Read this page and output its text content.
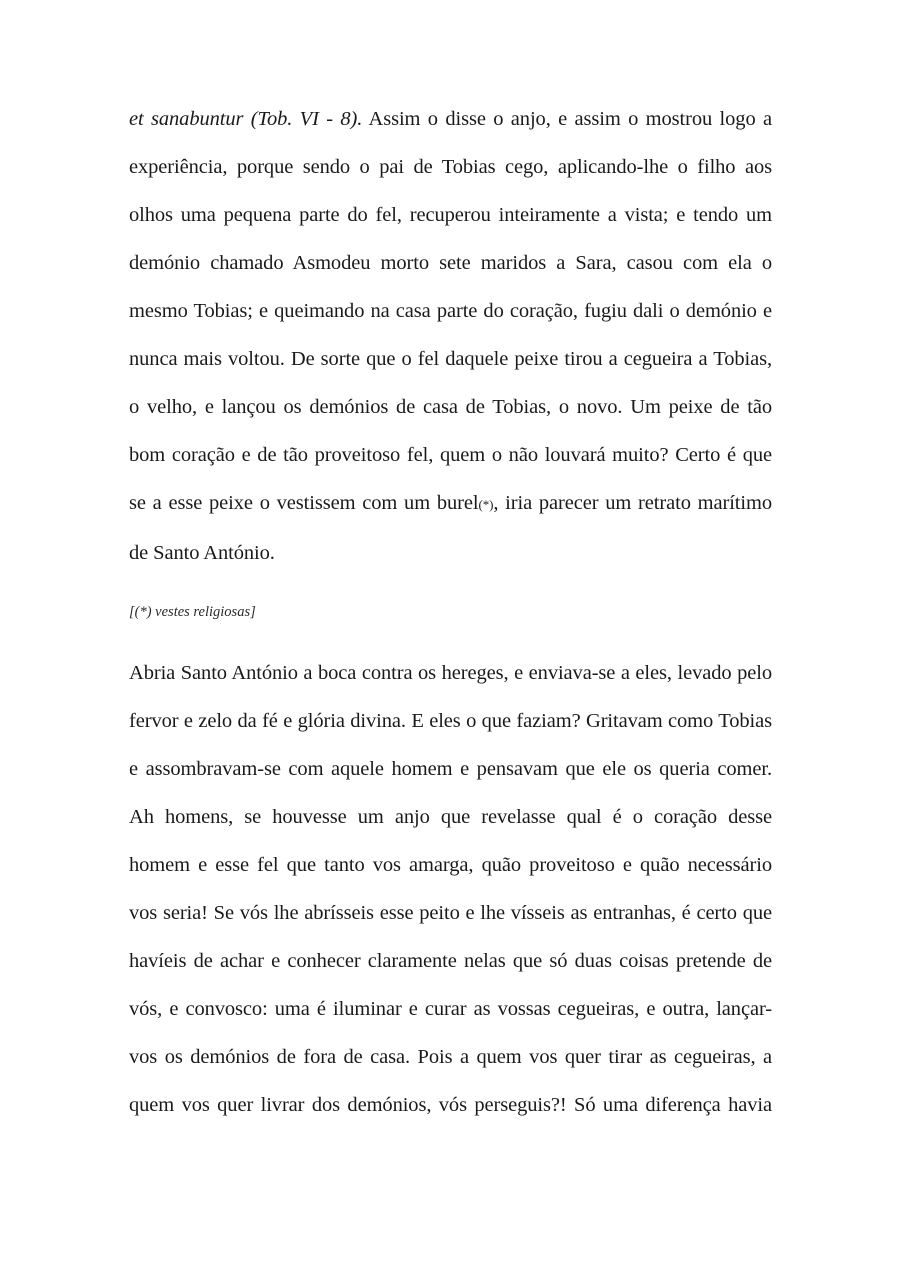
et sanabuntur (Tob. VI - 8). Assim o disse o anjo, e assim o mostrou logo a

experiência, porque sendo o pai de Tobias cego, aplicando-lhe o filho aos

olhos uma pequena parte do fel, recuperou inteiramente a vista; e tendo um

demónio chamado Asmodeu morto sete maridos a Sara, casou com ela o

mesmo Tobias; e queimando na casa parte do coração, fugiu dali o demónio e

nunca mais voltou. De sorte que o fel daquele peixe tirou a cegueira a Tobias,

o velho, e lançou os demónios de casa de Tobias, o novo. Um peixe de tão

bom coração e de tão proveitoso fel, quem o não louvará muito? Certo é que

se a esse peixe o vestissem com um burel(*), iria parecer um retrato marítimo

de Santo António.

[(*) vestes religiosas]

Abria Santo António a boca contra os hereges, e enviava-se a eles, levado pelo

fervor e zelo da fé e glória divina. E eles o que faziam? Gritavam como Tobias

e assombravam-se com aquele homem e pensavam que ele os queria comer.

Ah homens, se houvesse um anjo que revelasse qual é o coração desse

homem e esse fel que tanto vos amarga, quão proveitoso e quão necessário

vos seria! Se vós lhe abrísseis esse peito e lhe vísseis as entranhas, é certo que

havíeis de achar e conhecer claramente nelas que só duas coisas pretende de

vós, e convosco: uma é iluminar e curar as vossas cegueiras, e outra, lançar-

vos os demónios de fora de casa. Pois a quem vos quer tirar as cegueiras, a

quem vos quer livrar dos demónios, vós perseguis?! Só uma diferença havia
